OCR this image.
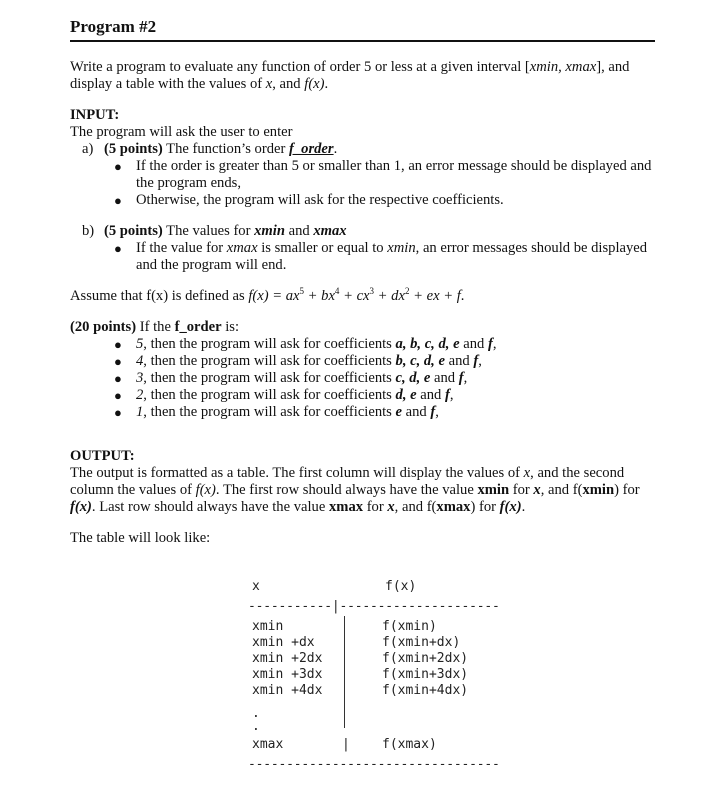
Program #2

Write a program to evaluate any function of order 5 or less at a given interval [xmin, xmax], and display a table with the values of x, and f(x).

INPUT:

The program will ask the user to enter

a) (5 points) The function’s order f_order.
● If the order is greater than 5 or smaller than 1, an error message should be displayed and the program ends,
● Otherwise, the program will ask for the respective coefficients.
b) (5 points) The values for xmin and xmax
● If the value for xmax is smaller or equal to xmin, an error messages should be displayed and the program will end.

Assume that f(x) is defined as $f(x) = ax^5 + bx^4 + cx^3 + dx^2$ + ex + f.

(20 points) If the f_order is:

● 5, then the program will ask for coefficients a, b, c, d, e and f,
● 4, then the program will ask for coefficients b, c, d, e and f,
● 3, then the program will ask for coefficients c, d, e and f,
● 2, then the program will ask for coefficients d, e and f,
● 1, then the program will ask for coefficients e and f,

OUTPUT:

The output is formatted as a table. The first column will display the values of x, and the second column the values of f(x). The first row should always have the value xmin for x, and f(xmin) for f(x). Last row should always have the value xmax for x, and f(xmax) for f(x).

The table will look like:

x	f(x)
-----------|---------------------
xmin	f(xmin)
xmin +dx	f(xmin+dx)
xmin +2dx	f(xmin+2dx)
xmin +3dx	f(xmin+3dx)
xmin +4dx	f(xmin+4dx)
.
.
xmax	| f(xmax)
---------------------------------
